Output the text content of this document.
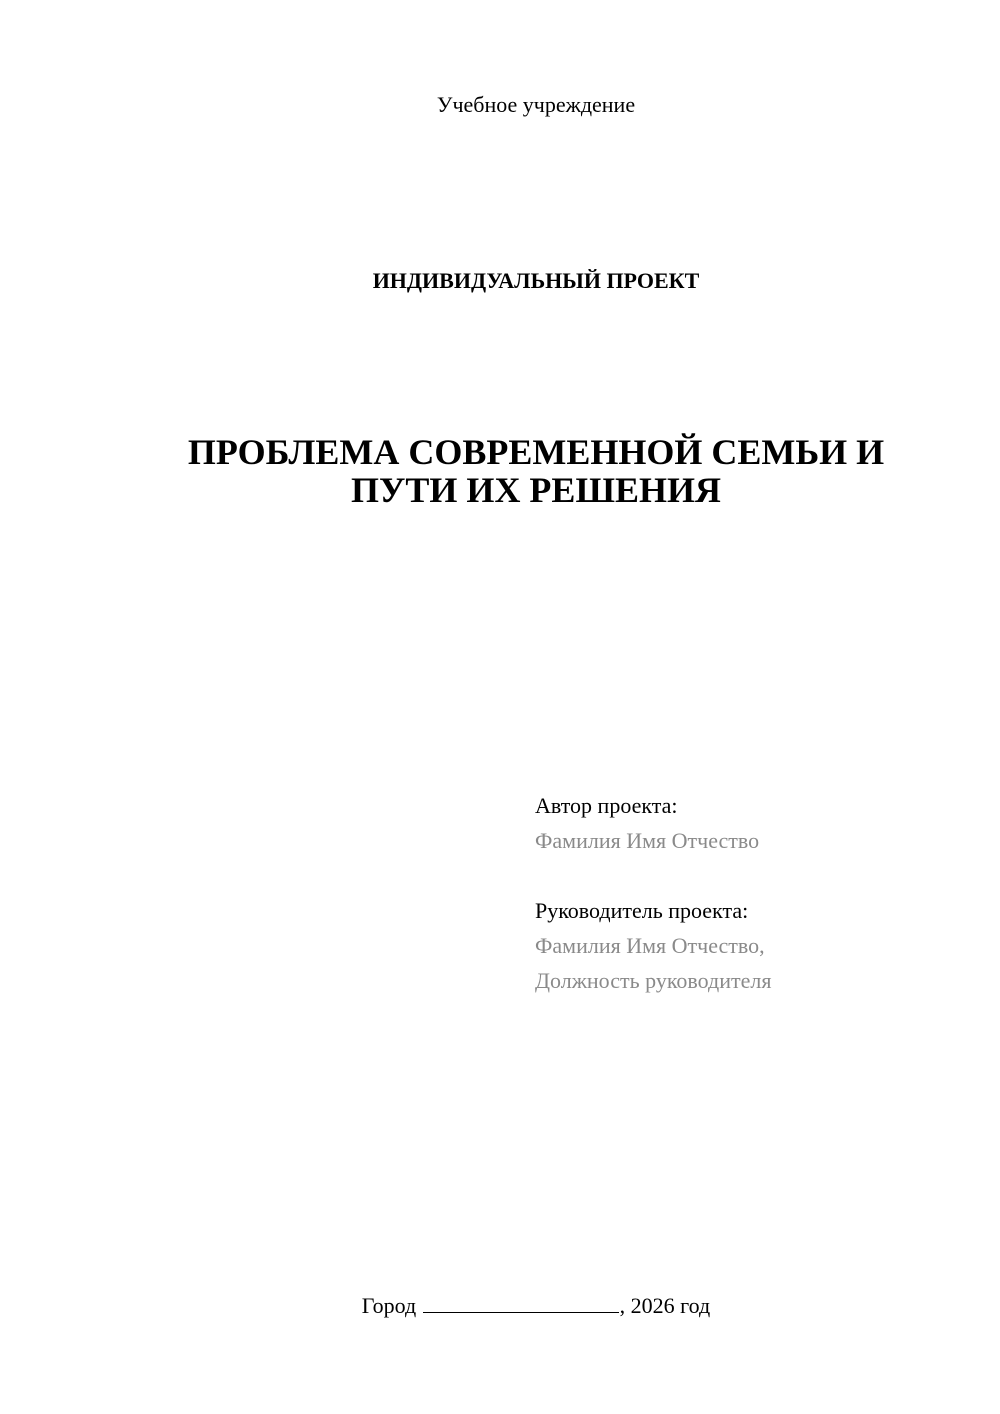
Учебное учреждение
ИНДИВИДУАЛЬНЫЙ ПРОЕКТ
ПРОБЛЕМА СОВРЕМЕННОЙ СЕМЬИ И
ПУТИ ИХ РЕШЕНИЯ
Автор проекта:
Фамилия Имя Отчество
Руководитель проекта:
Фамилия Имя Отчество,
Должность руководителя
Город	, 2026 год
